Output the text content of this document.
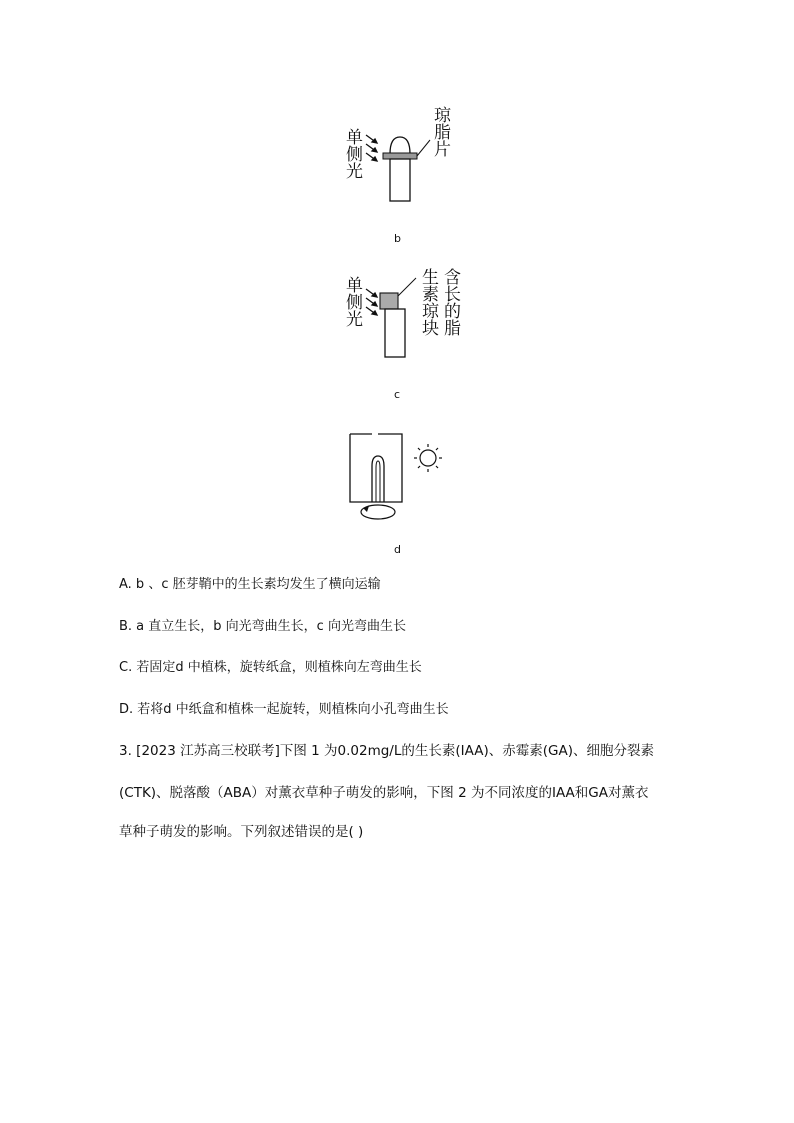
单侧光	琼脂片
b
单侧光	含长的脂
生素琼块
c
d
A. b 、c 胚芽鞘中的生长素均发生了横向运输
B. a 直立生长，b 向光弯曲生长，c 向光弯曲生长
C. 若固定d 中植株，旋转纸盒，则植株向左弯曲生长
D. 若将d 中纸盒和植株一起旋转，则植株向小孔弯曲生长
3. [2023 江苏高三校联考]下图 1 为0.02mg/L的生长素(IAA)、赤霉素(GA)、细胞分裂素
(CTK)、脱落酸（ABA）对薰衣草种子萌发的影响，下图 2 为不同浓度的IAA和GA对薰衣
草种子萌发的影响。下列叙述错误的是( )
